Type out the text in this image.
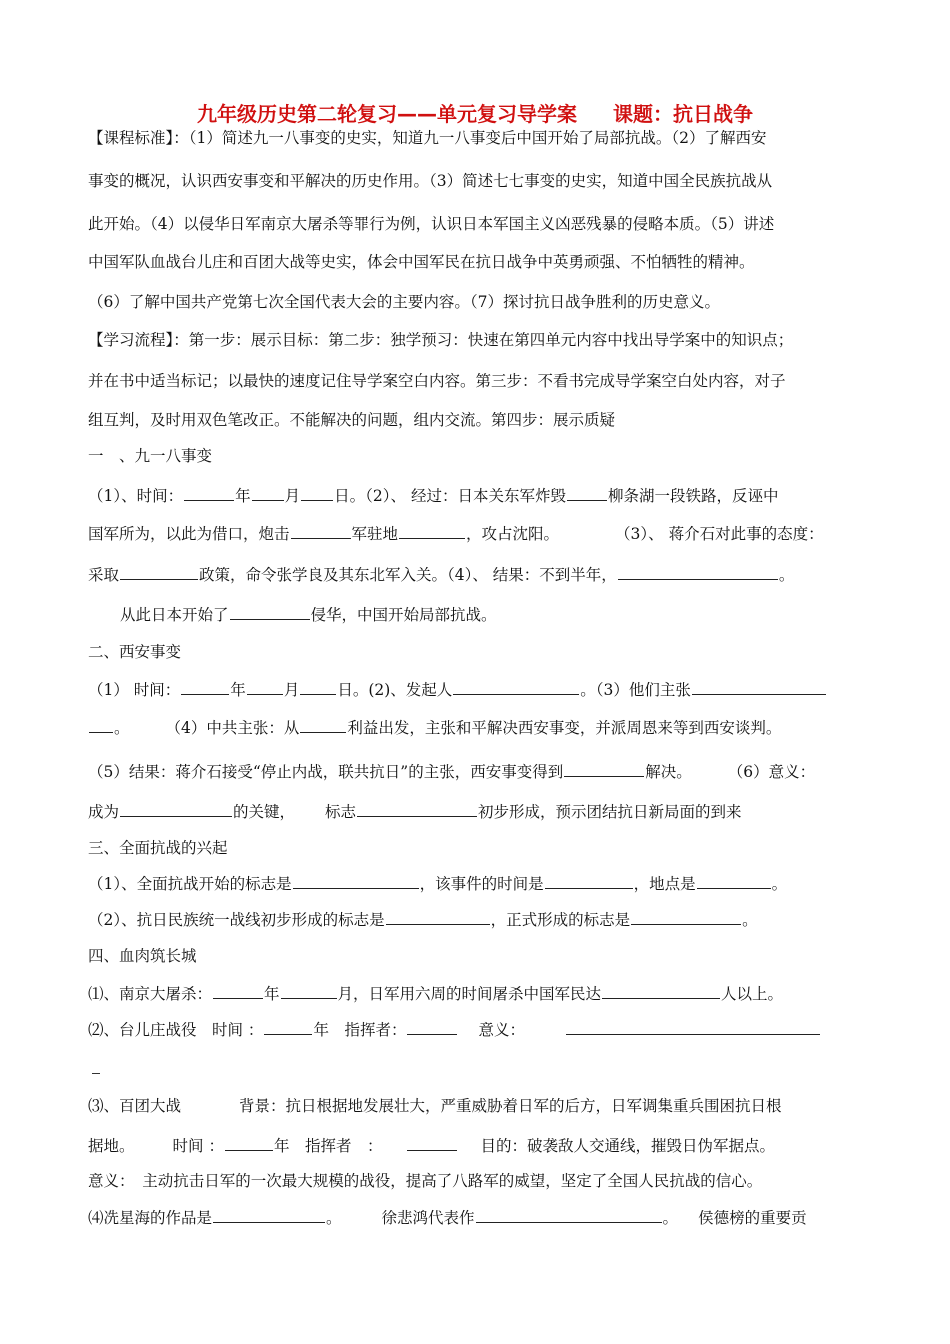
九年级历史第二轮复习——单元复习导学案 课题：抗日战争
【课程标准】：（1）简述九一八事变的史实，知道九一八事变后中国开始了局部抗战。（2）了解西安
事变的概况，认识西安事变和平解决的历史作用。（3）简述七七事变的史实，知道中国全民族抗战从
此开始。（4）以侵华日军南京大屠杀等罪行为例，认识日本军国主义凶恶残暴的侵略本质。（5）讲述
中国军队血战台儿庄和百团大战等史实，体会中国军民在抗日战争中英勇顽强、不怕牺牲的精神。
（6）了解中国共产党第七次全国代表大会的主要内容。（7）探讨抗日战争胜利的历史意义。
【学习流程】：第一步：展示目标：第二步：独学预习：快速在第四单元内容中找出导学案中的知识点；
并在书中适当标记；以最快的速度记住导学案空白内容。第三步：不看书完成导学案空白处内容，对子
组互判，及时用双色笔改正。不能解决的问题，组内交流。第四步：展示质疑
一　、九一八事变
（1）、时间：	年 月 日。（2）、 经过：日本关东军炸毁	柳条湖一段铁路，反诬中
国军所为，以此为借口，炮击	军驻地	，攻占沈阳。	（3）、 蒋介石对此事的态度：
采取	政策，命令张学良及其东北军入关。（4）、 结果：不到半年，	。
从此日本开始了	侵华，中国开始局部抗战。
二、西安事变
（1） 时间：	年 月 日。(2)、发起人	。（3）他们主张
。 （4）中共主张：从	利益出发，主张和平解决西安事变，并派周恩来等到西安谈判。
（5）结果：蒋介石接受“停止内战，联共抗日”的主张，西安事变得到	解决。 （6）意义：
成为	的关键， 标志	初步形成，预示团结抗日新局面的到来
三、全面抗战的兴起
（1）、全面抗战开始的标志是	，该事件的时间是	，地点是	。
（2）、抗日民族统一战线初步形成的标志是	，正式形成的标志是	。
四、血肉筑长城
⑴、南京大屠杀：	年	月，日军用六周的时间屠杀中国军民达	人以上。
⑵、台儿庄战役　时间 ：	年　指挥者：	意义：
⑶、百团大战	背景：抗日根据地发展壮大，严重威胁着日军的后方，日军调集重兵围困抗日根
据地。 时间 ：	年　指挥者　：	目的：破袭敌人交通线，摧毁日伪军据点。
意义：　主动抗击日军的一次最大规模的战役，提高了八路军的威望，坚定了全国人民抗战的信心。
⑷冼星海的作品是	。	徐悲鸿代表作	。 侯德榜的重要贡
